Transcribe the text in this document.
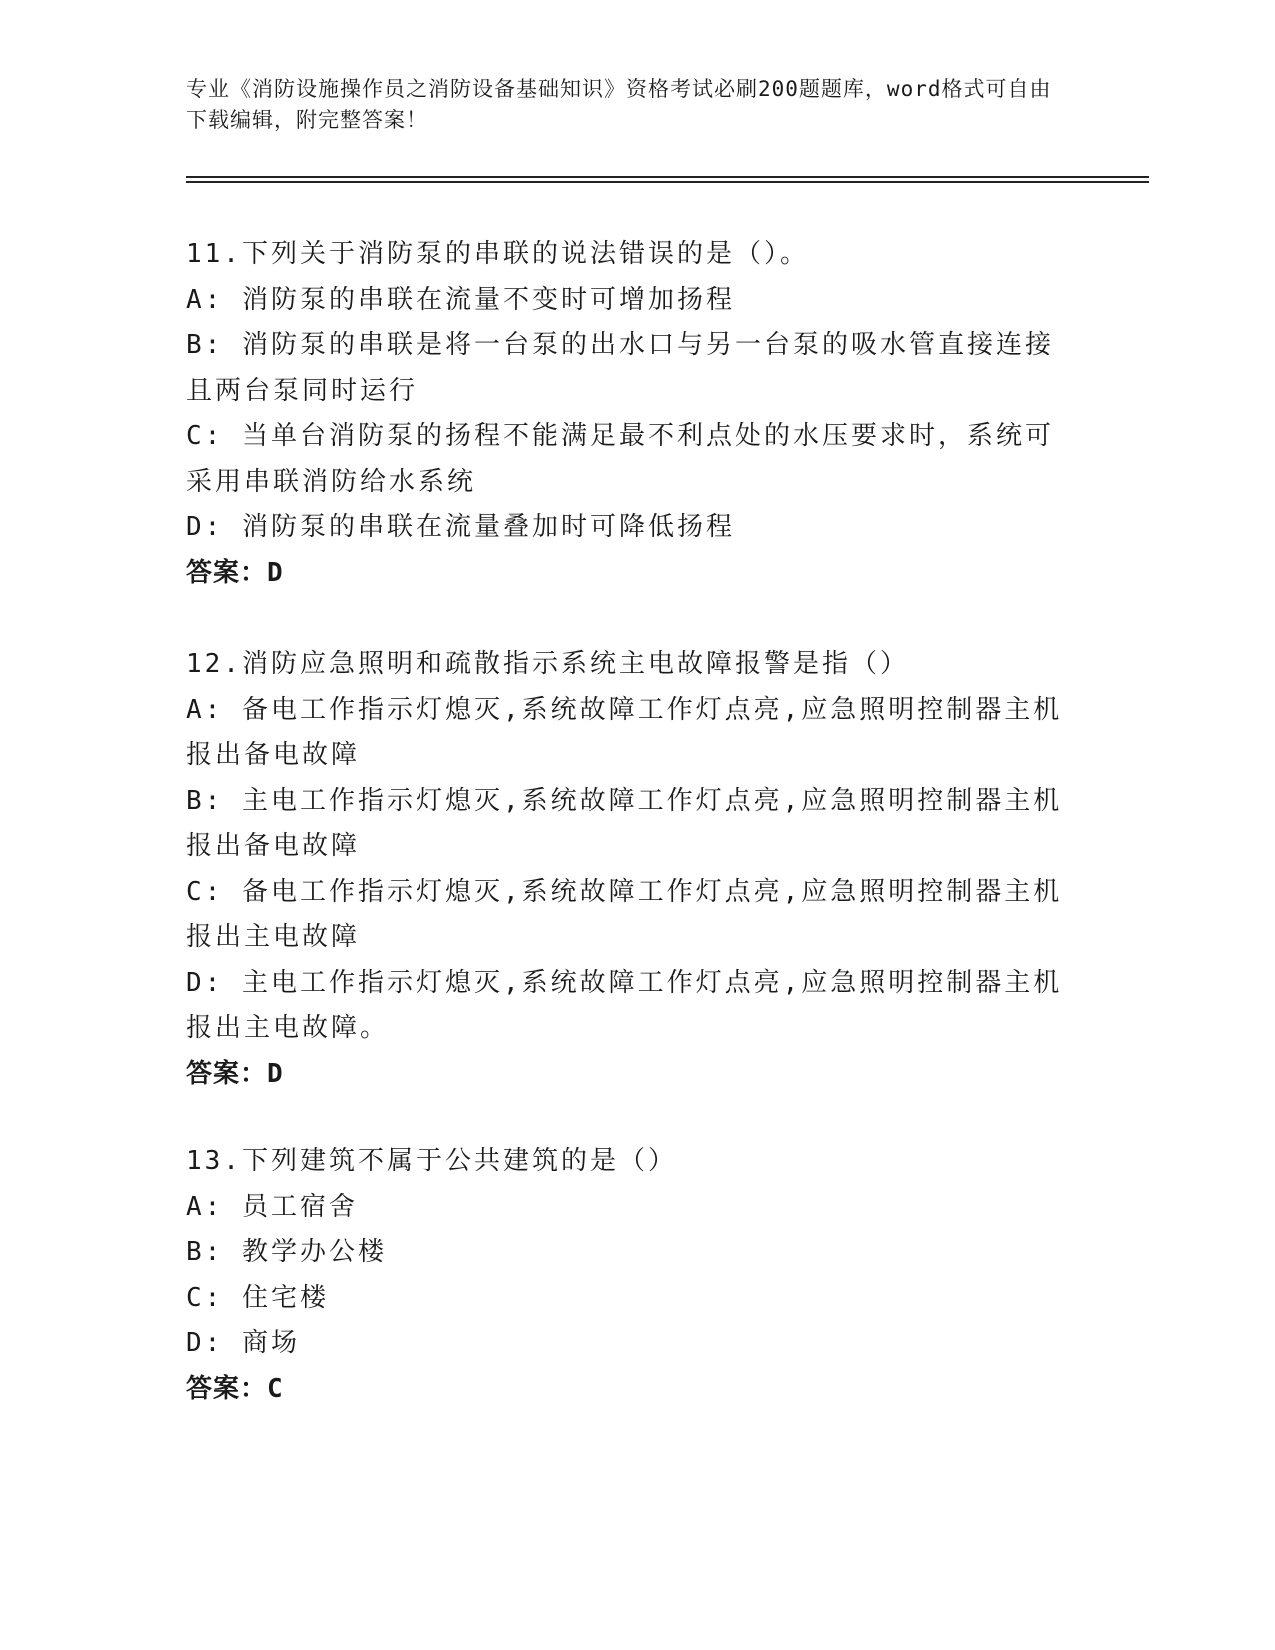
专业《消防设施操作员之消防设备基础知识》资格考试必刷200题题库，word格式可自由下载编辑，附完整答案！

11.下列关于消防泵的串联的说法错误的是（）。

A: 消防泵的串联在流量不变时可增加扬程

B: 消防泵的串联是将一台泵的出水口与另一台泵的吸水管直接连接且两台泵同时运行

C: 当单台消防泵的扬程不能满足最不利点处的水压要求时，系统可采用串联消防给水系统

D: 消防泵的串联在流量叠加时可降低扬程

答案：D

12.消防应急照明和疏散指示系统主电故障报警是指（）

A: 备电工作指示灯熄灭,系统故障工作灯点亮,应急照明控制器主机报出备电故障

B: 主电工作指示灯熄灭,系统故障工作灯点亮,应急照明控制器主机报出备电故障

C: 备电工作指示灯熄灭,系统故障工作灯点亮,应急照明控制器主机报出主电故障

D: 主电工作指示灯熄灭,系统故障工作灯点亮,应急照明控制器主机报出主电故障。

答案：D

13.下列建筑不属于公共建筑的是（）

A: 员工宿舍

B: 教学办公楼

C: 住宅楼

D: 商场

答案：C
